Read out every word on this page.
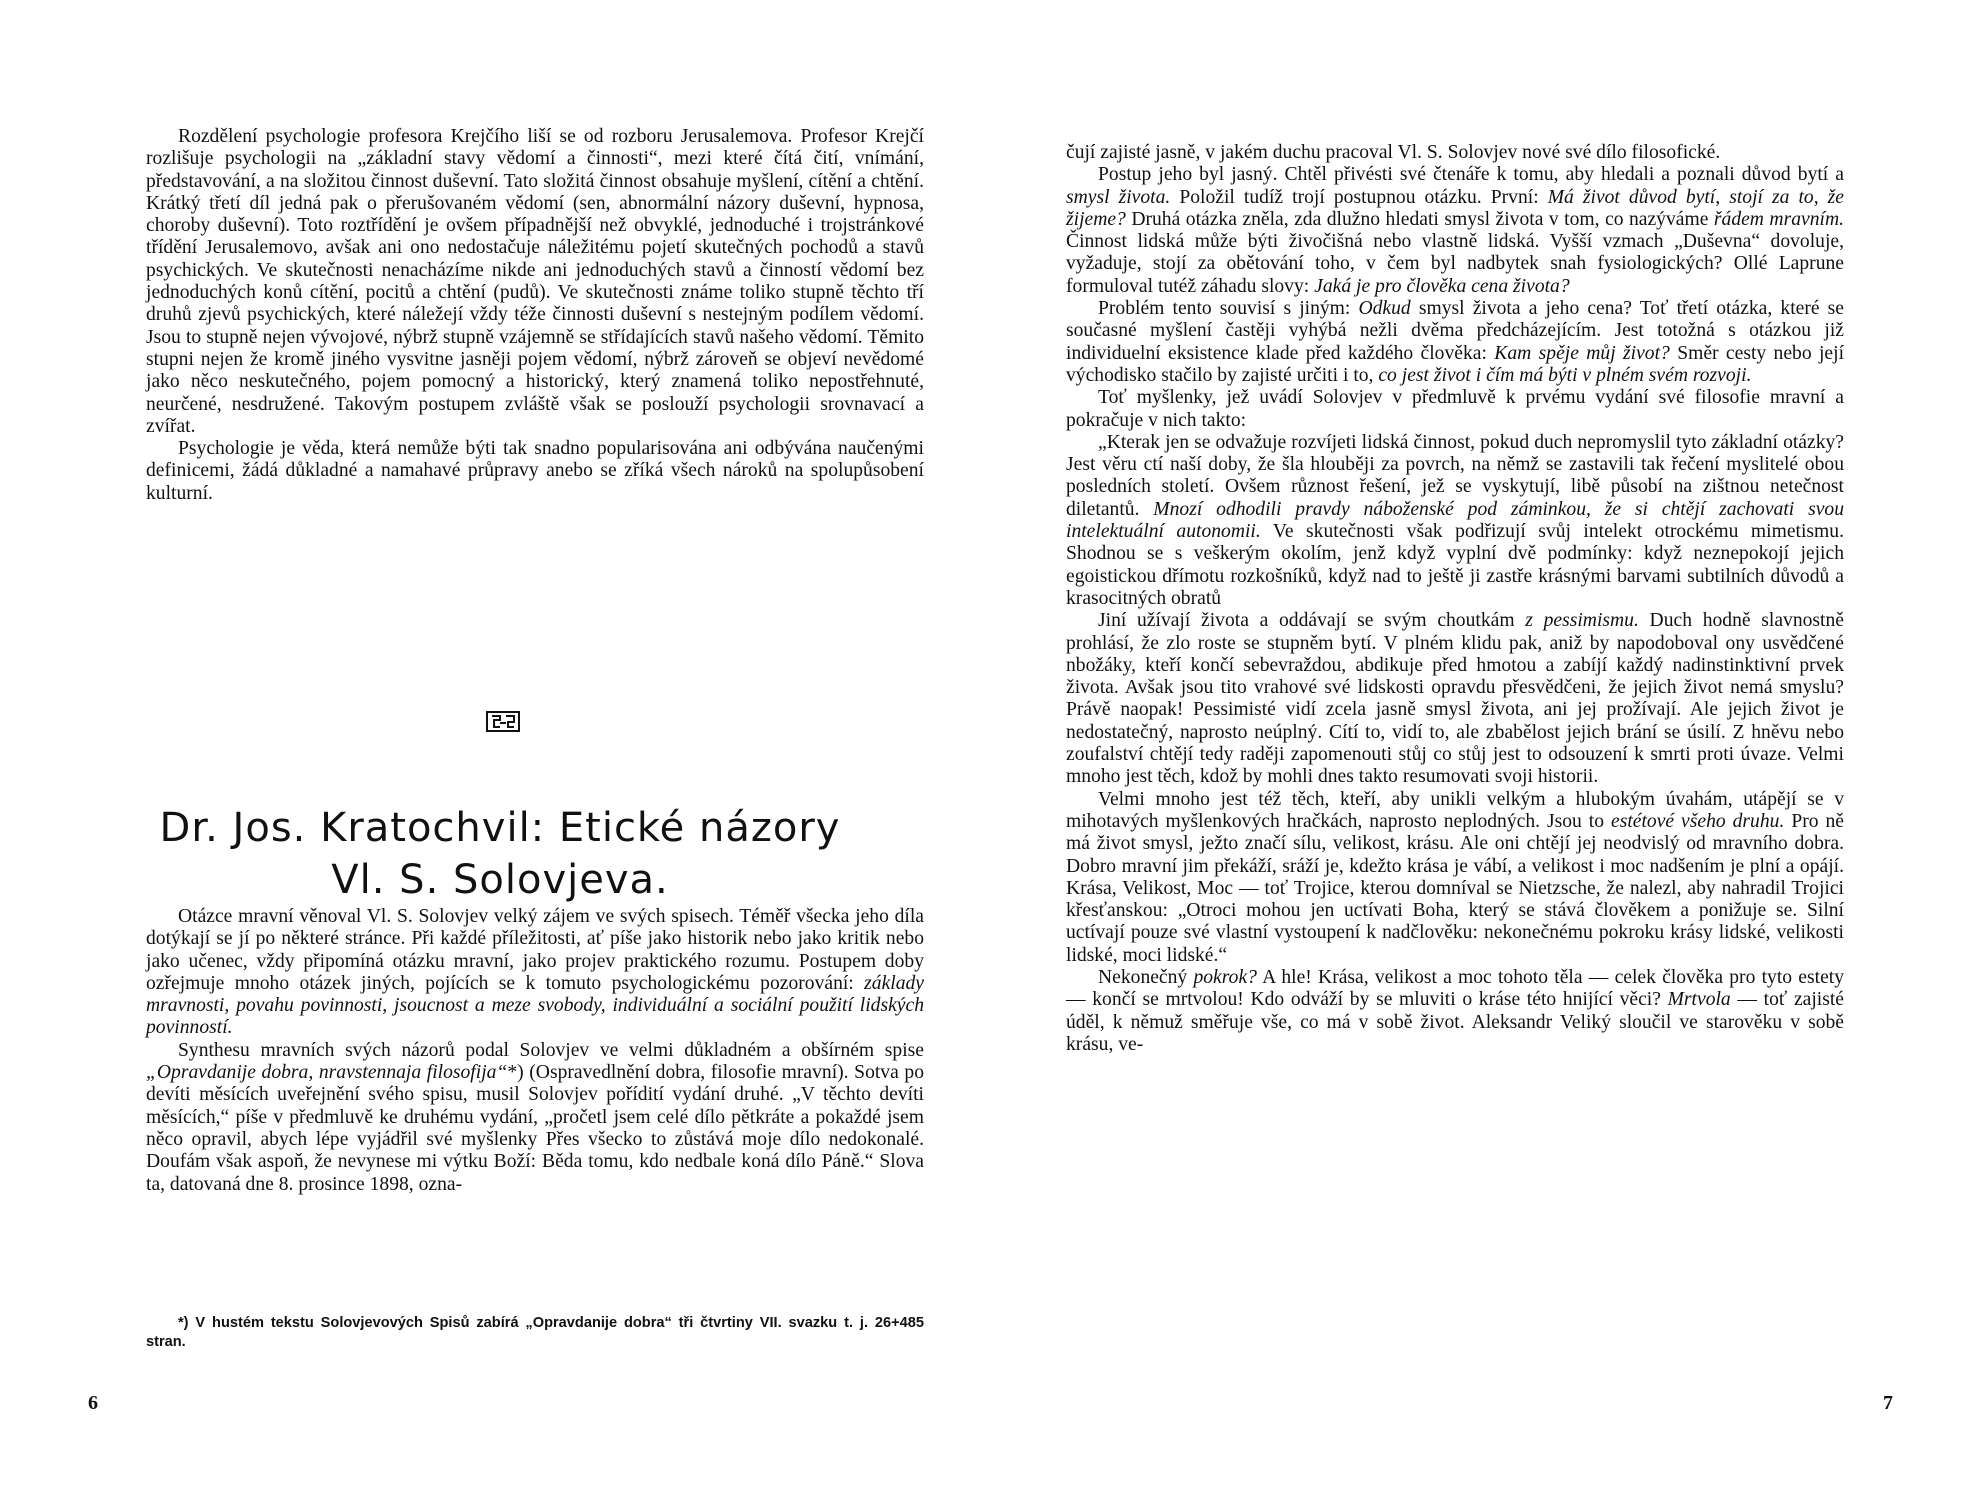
Rozdělení psychologie profesora Krejčího liší se od rozboru Jerusalemova. Profesor Krejčí rozlišuje psychologii na „základní stavy vědomí a činnosti“, mezi které čítá čití, vnímání, představování, a na složitou činnost duševní. Tato složitá činnost obsahuje myšlení, cítění a chtění. Krátký třetí díl jedná pak o přerušovaném vědomí (sen, abnormální názory duševní, hypnosa, choroby duševní). Toto roztřídění je ovšem případnější než obvyklé, jednoduché i trojstránkové třídění Jerusalemovo, avšak ani ono nedostačuje náležitému pojetí skutečných pochodů a stavů psychických. Ve skutečnosti nenacházíme nikde ani jednoduchých stavů a činností vědomí bez jednoduchých konů cítění, pocitů a chtění (pudů). Ve skutečnosti známe toliko stupně těchto tří druhů zjevů psychických, které náležejí vždy téže činnosti duševní s nestejným podílem vědomí. Jsou to stupně nejen vývojové, nýbrž stupně vzájemně se střídajících stavů našeho vědomí. Těmito stupni nejen že kromě jiného vysvitne jasněji pojem vědomí, nýbrž zároveň se objeví nevědomé jako něco neskutečného, pojem pomocný a historický, který znamená toliko nepostřehnuté, neurčené, nesdružené. Takovým postupem zvláště však se poslouží psychologii srovnavací a zvířat.

Psychologie je věda, která nemůže býti tak snadno popularisována ani odbývána naučenými definicemi, žádá důkladné a namahavé průpravy anebo se zříká všech nároků na spolupůsobení kulturní.

Dr. Jos. Kratochvil: Etické názory
Vl. S. Solovjeva.

Otázce mravní věnoval Vl. S. Solovjev velký zájem ve svých spisech. Téměř všecka jeho díla dotýkají se jí po některé stránce. Při každé příležitosti, ať píše jako historik nebo jako kritik nebo jako učenec, vždy připomíná otázku mravní, jako projev praktického rozumu. Postupem doby ozřejmuje mnoho otázek jiných, pojících se k tomuto psychologickému pozorování: základy mravnosti, povahu povinnosti, jsoucnost a meze svobody, individuální a sociální použití lidských povinností.

Synthesu mravních svých názorů podal Solovjev ve velmi důkladném a obšírném spise „Opravdanije dobra, nravstennaja filosofija“*) (Ospravedlnění dobra, filosofie mravní). Sotva po devíti měsících uveřejnění svého spisu, musil Solovjev pořídití vydání druhé. „V těchto devíti měsících,“ píše v předmluvě ke druhému vydání, „pročetl jsem celé dílo pětkráte a pokaždé jsem něco opravil, abych lépe vyjádřil své myšlenky Přes všecko to zůstává moje dílo nedokonalé. Doufám však aspoň, že nevynese mi výtku Boží: Běda tomu, kdo nedbale koná dílo Páně.“ Slova ta, datovaná dne 8. prosince 1898, ozna-

*) V hustém tekstu Solovjevových Spisů zabírá „Opravdanije dobra“ tři čtvrtiny VII. svazku t. j. 26+485 stran.
6

čují zajisté jasně, v jakém duchu pracoval Vl. S. Solovjev nové své dílo filosofické.

Postup jeho byl jasný. Chtěl přivésti své čtenáře k tomu, aby hledali a poznali důvod bytí a smysl života. Položil tudíž trojí postupnou otázku. První: Má život důvod bytí, stojí za to, že žijeme? Druhá otázka zněla, zda dlužno hledati smysl života v tom, co nazýváme řádem mravním. Činnost lidská může býti živočišná nebo vlastně lidská. Vyšší vzmach „Duševna“ dovoluje, vyžaduje, stojí za obětování toho, v čem byl nadbytek snah fysiologických? Ollé Laprune formuloval tutéž záhadu slovy: Jaká je pro člověka cena života?

Problém tento souvisí s jiným: Odkud smysl života a jeho cena? Toť třetí otázka, které se současné myšlení častěji vyhýbá nežli dvěma předcházejícím. Jest totožná s otázkou již individuelní eksistence klade před každého člověka: Kam spěje můj život? Směr cesty nebo její východisko stačilo by zajisté určiti i to, co jest život i čím má býti v plném svém rozvoji.

Toť myšlenky, jež uvádí Solovjev v předmluvě k prvému vydání své filosofie mravní a pokračuje v nich takto:

„Kterak jen se odvažuje rozvíjeti lidská činnost, pokud duch nepromyslil tyto základní otázky? Jest věru ctí naší doby, že šla hlouběji za povrch, na němž se zastavili tak řečení myslitelé obou posledních století. Ovšem různost řešení, jež se vyskytují, libě působí na zištnou netečnost diletantů. Mnozí odhodili pravdy náboženské pod záminkou, že si chtějí zachovati svou intelektuální autonomii. Ve skutečnosti však podřizují svůj intelekt otrockému mimetismu. Shodnou se s veškerým okolím, jenž když vyplní dvě podmínky: když neznepokojí jejich egoistickou dřímotu rozkošníků, když nad to ještě ji zastře krásnými barvami subtilních důvodů a krasocitných obratů

Jiní užívají života a oddávají se svým choutkám z pessimismu. Duch hodně slavnostně prohlásí, že zlo roste se stupněm bytí. V plném klidu pak, aniž by napodoboval ony usvědčené nbožáky, kteří končí sebevraždou, abdikuje před hmotou a zabíjí každý nadinstinktivní prvek života. Avšak jsou tito vrahové své lidskosti opravdu přesvědčeni, že jejich život nemá smyslu? Právě naopak! Pessimisté vidí zcela jasně smysl života, ani jej prožívají. Ale jejich život je nedostatečný, naprosto neúplný. Cítí to, vidí to, ale zbabělost jejich brání se úsilí. Z hněvu nebo zoufalství chtějí tedy raději zapomenouti stůj co stůj jest to odsouzení k smrti proti úvaze. Velmi mnoho jest těch, kdož by mohli dnes takto resumovati svoji historii.

Velmi mnoho jest též těch, kteří, aby unikli velkým a hlubokým úvahám, utápějí se v mihotavých myšlenkových hračkách, naprosto neplodných. Jsou to estétové všeho druhu. Pro ně má život smysl, ježto značí sílu, velikost, krásu. Ale oni chtějí jej neodvislý od mravního dobra. Dobro mravní jim překáží, sráží je, kdežto krása je vábí, a velikost i moc nadšením je plní a opájí. Krása, Velikost, Moc — toť Trojice, kterou domníval se Nietzsche, že nalezl, aby nahradil Trojici křesťanskou: „Otroci mohou jen uctívati Boha, který se stává člověkem a ponižuje se. Silní uctívají pouze své vlastní vystoupení k nadčlověku: nekonečnému pokroku krásy lidské, velikosti lidské, moci lidské.“

Nekonečný pokrok? A hle! Krása, velikost a moc tohoto těla — celek člověka pro tyto estety — končí se mrtvolou! Kdo odváží by se mluviti o kráse této hnijící věci? Mrtvola — toť zajisté úděl, k němuž směřuje vše, co má v sobě život. Aleksandr Veliký sloučil ve starověku v sobě krásu, ve-

7
